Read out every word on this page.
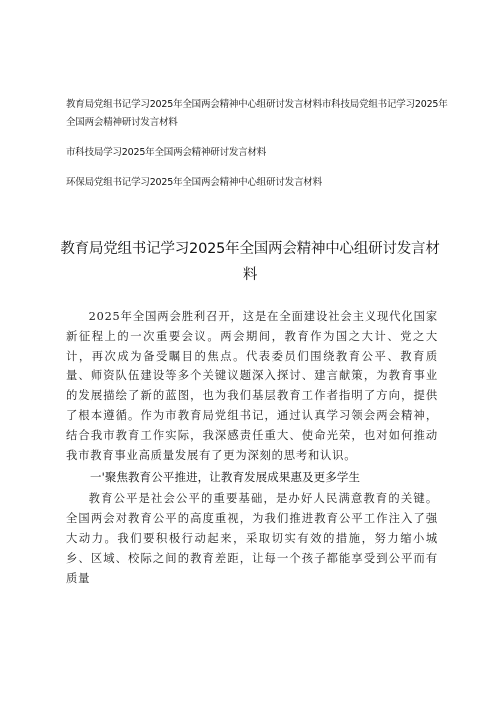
教育局党组书记学习2025年全国两会精神中心组研讨发言材料市科技局党组书记学习2025年全国两会精神研讨发言材料
市科技局学习2025年全国两会精神研讨发言材料
环保局党组书记学习2025年全国两会精神中心组研讨发言材料
教育局党组书记学习2025年全国两会精神中心组研讨发言材料

2025年全国两会胜利召开，这是在全面建设社会主义现代化国家新征程上的一次重要会议。两会期间，教育作为国之大计、党之大计，再次成为备受瞩目的焦点。代表委员们围绕教育公平、教育质量、师资队伍建设等多个关键议题深入探讨、建言献策，为教育事业的发展描绘了新的蓝图，也为我们基层教育工作者指明了方向，提供了根本遵循。作为市教育局党组书记，通过认真学习领会两会精神，结合我市教育工作实际，我深感责任重大、使命光荣，也对如何推动我市教育事业高质量发展有了更为深刻的思考和认识。

一'聚焦教育公平推进，让教育发展成果惠及更多学生

教育公平是社会公平的重要基础，是办好人民满意教育的关键。全国两会对教育公平的高度重视，为我们推进教育公平工作注入了强大动力。我们要积极行动起来，采取切实有效的措施，努力缩小城乡、区域、校际之间的教育差距，让每一个孩子都能享受到公平而有质量
